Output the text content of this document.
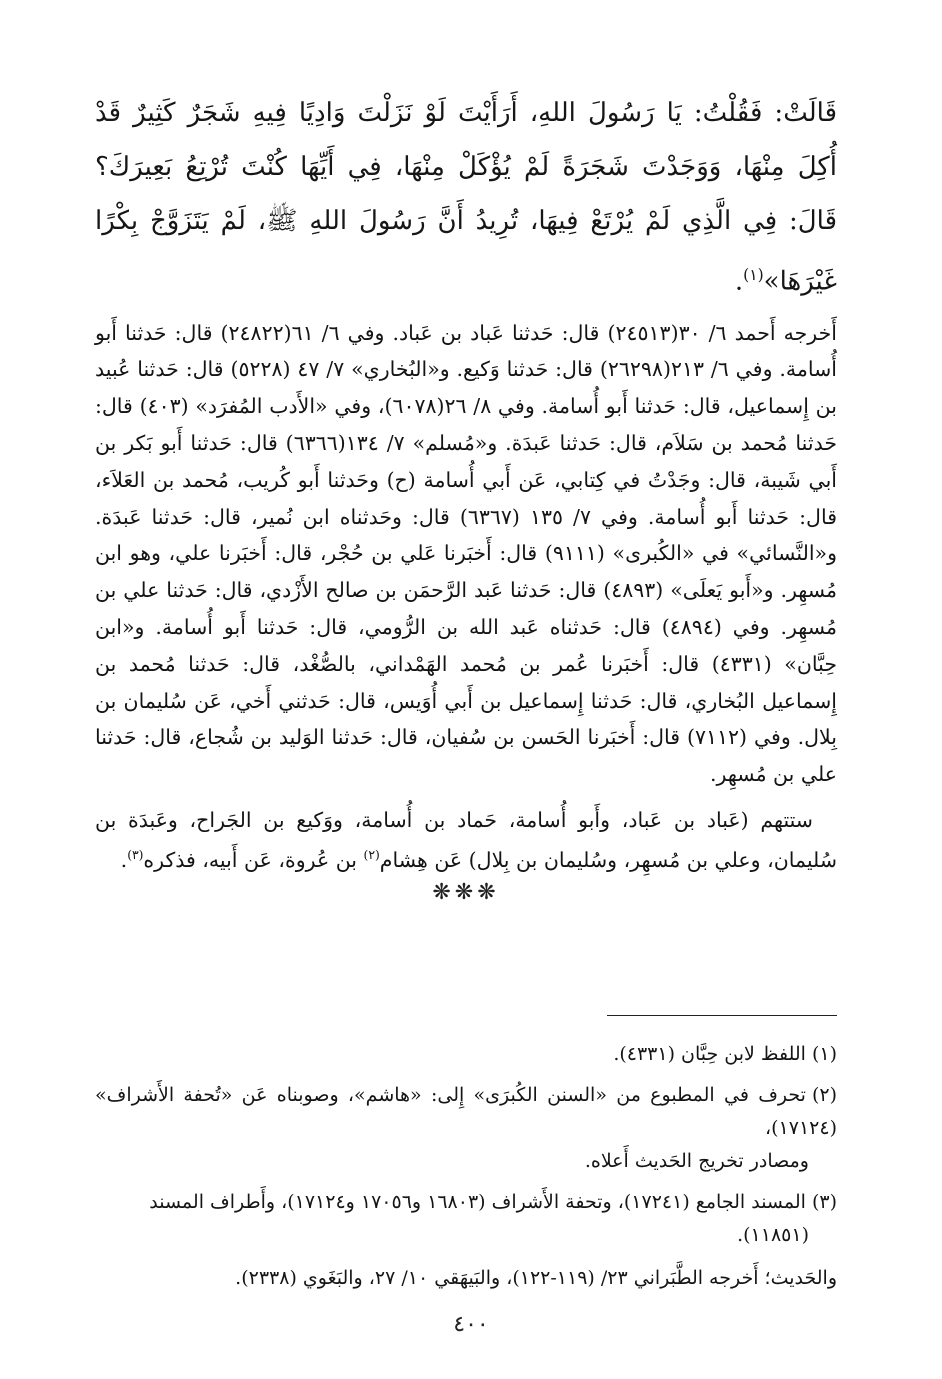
قَالَتْ: فَقُلْتُ: يَا رَسُولَ اللهِ، أَرَأَيْتَ لَوْ نَزَلْتَ وَادِيًا فِيهِ شَجَرٌ كَثِيرٌ قَدْ أُكِلَ مِنْهَا، وَوَجَدْتَ شَجَرَةً لَمْ يُؤْكَلْ مِنْهَا، فِي أَيِّهَا كُنْتَ تُرْتِعُ بَعِيرَكَ؟ قَالَ: فِي الَّذِي لَمْ يُرْتَعْ فِيهَا، تُرِيدُ أَنَّ رَسُولَ اللهِ ﷺ، لَمْ يَتَزَوَّجْ بِكْرًا غَيْرَهَا»$^{(١)}$.

أَخرجه أَحمد ٦/ ٣٠(٢٤٥١٣) قال: حَدثنا عَباد بن عَباد. وفي ٦/ ٦١(٢٤٨٢٢) قال: حَدثنا أَبو أُسامة. وفي ٦/ ٢١٣(٢٦٢٩٨) قال: حَدثنا وَكيع. و«البُخاري» ٧/ ٤٧ (٥٢٢٨) قال: حَدثنا عُبيد بن إِسماعيل، قال: حَدثنا أَبو أُسامة. وفي ٨/ ٢٦(٦٠٧٨)، وفي «الأَدب المُفرَد» (٤٠٣) قال: حَدثنا مُحمد بن سَلاَم، قال: حَدثنا عَبدَة. و«مُسلم» ٧/ ١٣٤(٦٣٦٦) قال: حَدثنا أَبو بَكر بن أَبي شَيبة، قال: وجَدْتُ في كِتابي، عَن أَبي أُسامة (ح) وحَدثنا أَبو كُريب، مُحمد بن العَلاَء، قال: حَدثنا أَبو أُسامة. وفي ٧/ ١٣٥ (٦٣٦٧) قال: وحَدثناه ابن نُمير، قال: حَدثنا عَبدَة. و«النَّسائي» في «الكُبرى» (٩١١١) قال: أَخبَرنا عَلي بن حُجْر، قال: أَخبَرنا علي، وهو ابن مُسهِر. و«أَبو يَعلَى» (٤٨٩٣) قال: حَدثنا عَبد الرَّحمَن بن صالح الأَزْدي، قال: حَدثنا علي بن مُسهِر. وفي (٤٨٩٤) قال: حَدثناه عَبد الله بن الرُّومي، قال: حَدثنا أَبو أُسامة. و«ابن حِبَّان» (٤٣٣١) قال: أَخبَرنا عُمر بن مُحمد الهَمْداني، بالصُّغْد، قال: حَدثنا مُحمد بن إِسماعيل البُخاري، قال: حَدثنا إِسماعيل بن أَبي أُوَيس، قال: حَدثني أَخي، عَن سُليمان بن بِلال. وفي (٧١١٢) قال: أَخبَرنا الحَسن بن سُفيان، قال: حَدثنا الوَليد بن شُجاع، قال: حَدثنا علي بن مُسهِر.

ستتهم (عَباد بن عَباد، وأَبو أُسامة، حَماد بن أُسامة، ووَكيع بن الجَراح، وعَبدَة بن سُليمان، وعلي بن مُسهِر، وسُليمان بن بِلال) عَن هِشام$^{(٢)}$ بن عُروة، عَن أَبيه، فذكره$^{(٣)}$.

❋❋❋

(١)اللفظ لابن حِبَّان (٤٣٣١).

(٢)تحرف في المطبوع من «السنن الكُبرَى» إِلى: «هاشم»، وصوبناه عَن «تُحفة الأَشراف» (١٧١٢٤)،
ومصادر تخريج الحَديث أَعلاه.

(٣)المسند الجامع (١٧٢٤١)، وتحفة الأَشراف (١٦٨٠٣ و١٧٠٥٦ و١٧١٢٤)، وأَطراف المسند
(١١٨٥١).

والحَديث؛ أَخرجه الطَّبَراني ٢٣/ (١١٩-١٢٢)، والبَيهَقي ١٠/ ٢٧، والبَغَوي (٢٣٣٨).

٤٠٠
